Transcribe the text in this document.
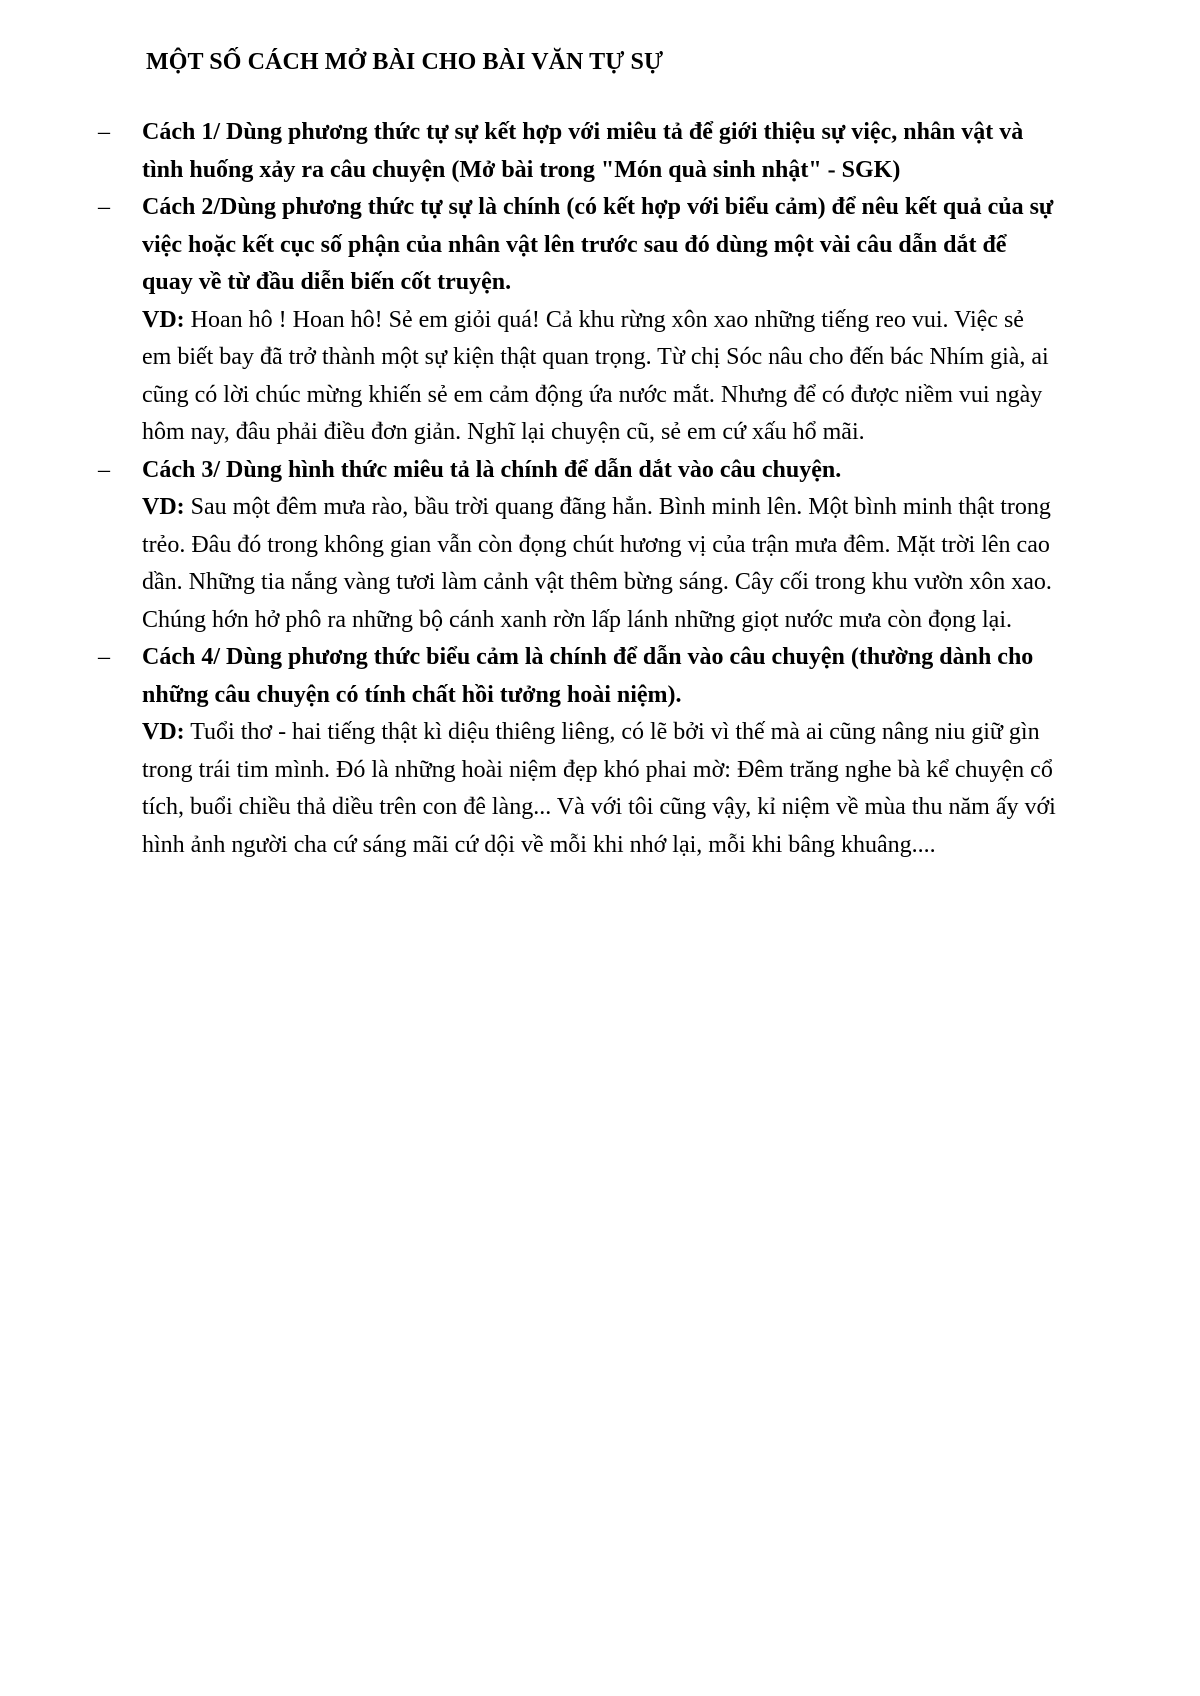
MỘT SỐ CÁCH MỞ BÀI CHO BÀI VĂN TỰ SỰ
– Cách 1/ Dùng phương thức tự sự kết hợp với miêu tả để giới thiệu sự việc, nhân vật và tình huống xảy ra câu chuyện (Mở bài trong "Món quà sinh nhật" - SGK)

– Cách 2/Dùng phương thức tự sự là chính (có kết hợp với biểu cảm) để nêu kết quả của sự việc hoặc kết cục số phận của nhân vật lên trước sau đó dùng một vài câu dẫn dắt để quay về từ đầu diễn biến cốt truyện.

VD: Hoan hô ! Hoan hô! Sẻ em giỏi quá! Cả khu rừng xôn xao những tiếng reo vui. Việc sẻ em biết bay đã trở thành một sự kiện thật quan trọng. Từ chị Sóc nâu cho đến bác Nhím già, ai cũng có lời chúc mừng khiến sẻ em cảm động ứa nước mắt. Nhưng để có được niềm vui ngày hôm nay, đâu phải điều đơn giản. Nghĩ lại chuyện cũ, sẻ em cứ xấu hổ mãi.

– Cách 3/ Dùng hình thức miêu tả là chính để dẫn dắt vào câu chuyện.

VD: Sau một đêm mưa rào, bầu trời quang đãng hẳn. Bình minh lên. Một bình minh thật trong trẻo. Đâu đó trong không gian vẫn còn đọng chút hương vị của trận mưa đêm. Mặt trời lên cao dần. Những tia nắng vàng tươi làm cảnh vật thêm bừng sáng. Cây cối trong khu vườn xôn xao. Chúng hớn hở phô ra những bộ cánh xanh rờn lấp lánh những giọt nước mưa còn đọng lại.

– Cách 4/ Dùng phương thức biểu cảm là chính để dẫn vào câu chuyện (thường dành cho những câu chuyện có tính chất hồi tưởng hoài niệm).

VD: Tuổi thơ - hai tiếng thật kì diệu thiêng liêng, có lẽ bởi vì thế mà ai cũng nâng niu giữ gìn trong trái tim mình. Đó là những hoài niệm đẹp khó phai mờ: Đêm trăng nghe bà kể chuyện cổ tích, buổi chiều thả diều trên con đê làng... Và với tôi cũng vậy, kỉ niệm về mùa thu năm ấy với hình ảnh người cha cứ sáng mãi cứ dội về mỗi khi nhớ lại, mỗi khi bâng khuâng....
